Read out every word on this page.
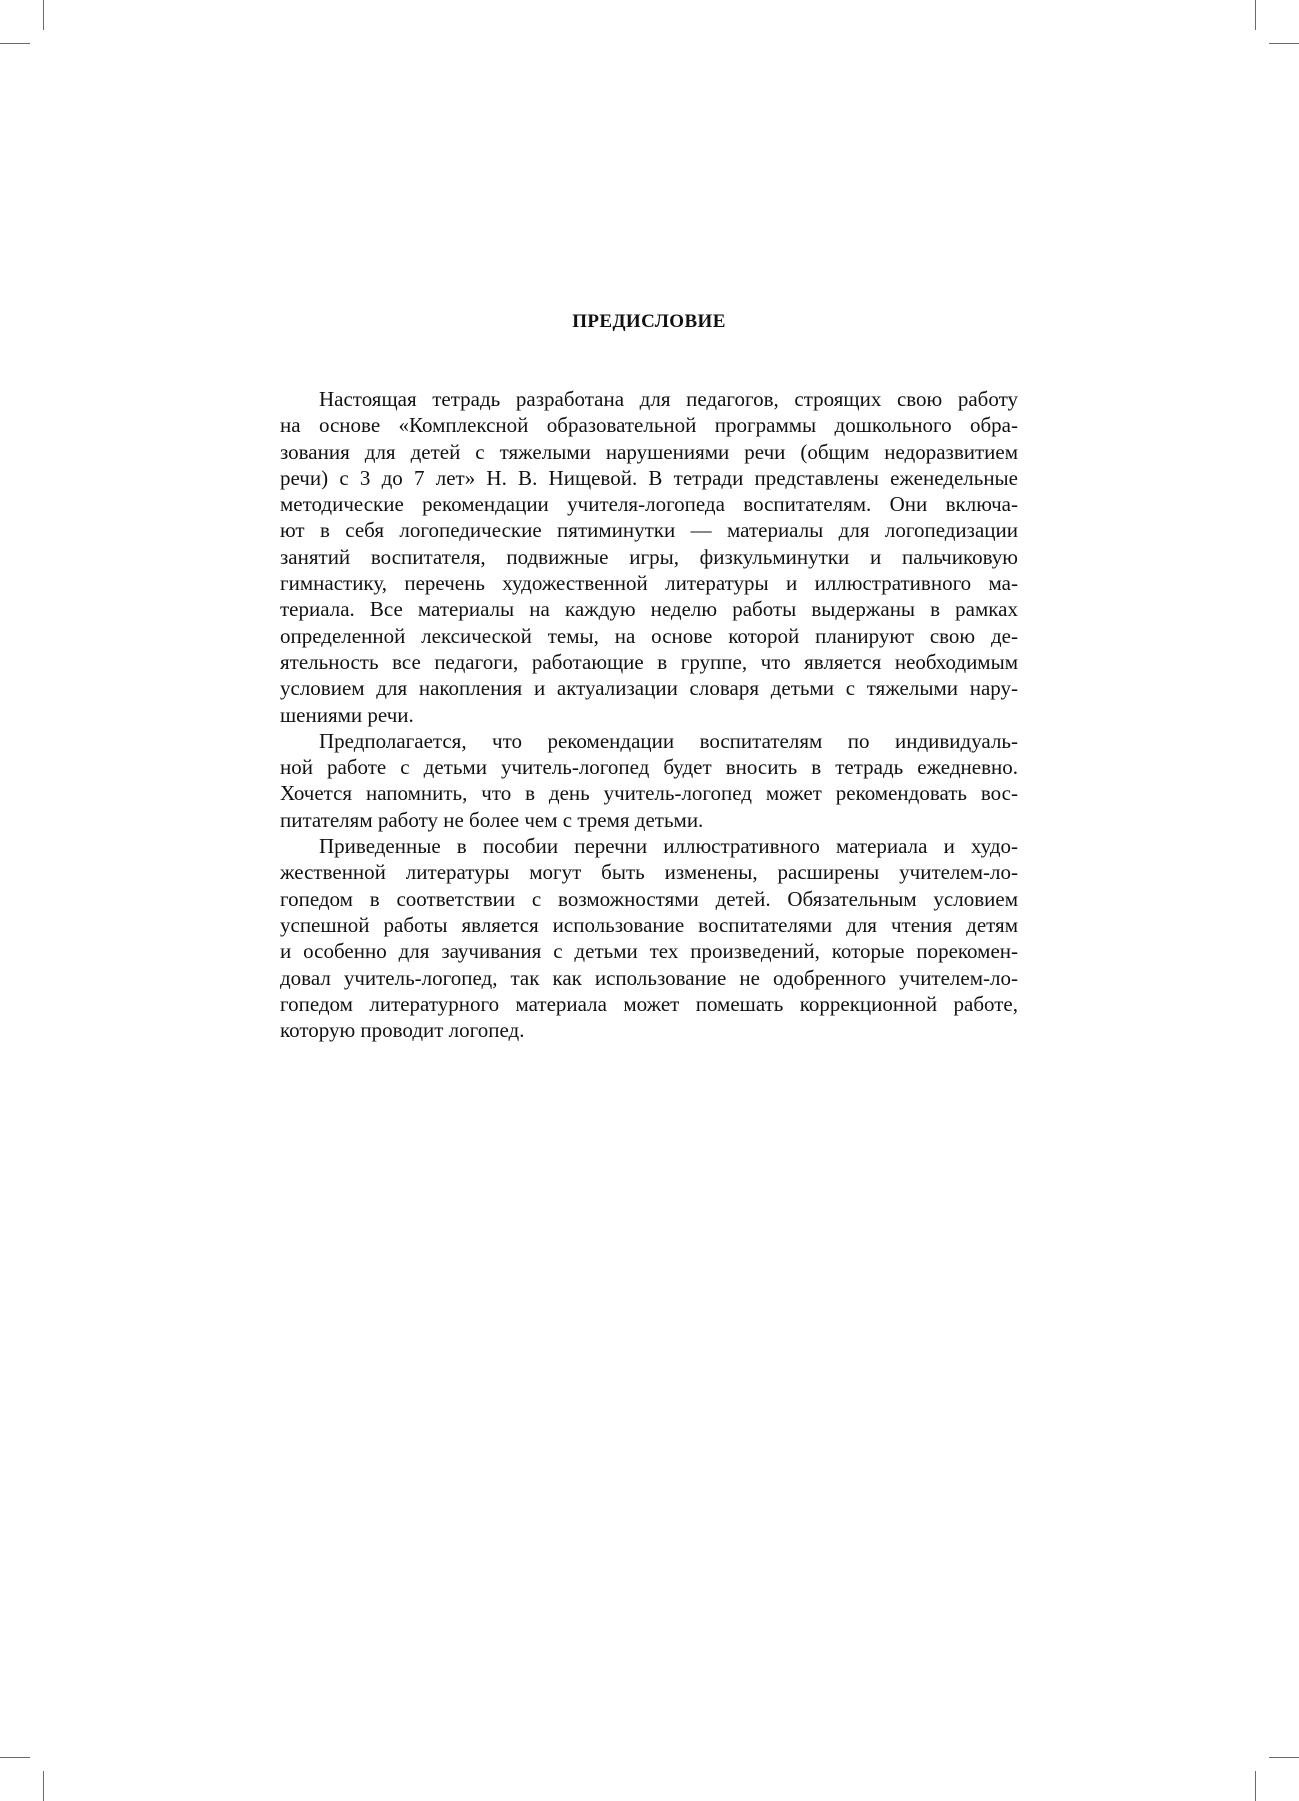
ПРЕДИСЛОВИЕ

Настоящая тетрадь разработана для педагогов, строящих свою работу
на основе «Комплексной образовательной программы дошкольного обра-
зования для детей с тяжелыми нарушениями речи (общим недоразвитием
речи) с 3 до 7 лет» Н. В. Нищевой. В тетради представлены еженедельные
методические рекомендации учителя-логопеда воспитателям. Они включа-
ют в себя логопедические пятиминутки — материалы для логопедизации
занятий воспитателя, подвижные игры, физкульминутки и пальчиковую
гимнастику, перечень художественной литературы и иллюстративного ма-
териала. Все материалы на каждую неделю работы выдержаны в рамках
определенной лексической темы, на основе которой планируют свою де-
ятельность все педагоги, работающие в группе, что является необходимым
условием для накопления и актуализации словаря детьми с тяжелыми нару-
шениями речи.

Предполагается, что рекомендации воспитателям по индивидуаль-
ной работе с детьми учитель-логопед будет вносить в тетрадь ежедневно.
Хочется напомнить, что в день учитель-логопед может рекомендовать вос-
питателям работу не более чем с тремя детьми.

Приведенные в пособии перечни иллюстративного материала и худо-
жественной литературы могут быть изменены, расширены учителем-ло-
гопедом в соответствии с возможностями детей. Обязательным условием
успешной работы является использование воспитателями для чтения детям
и особенно для заучивания с детьми тех произведений, которые порекомен-
довал учитель-логопед, так как использование не одобренного учителем-ло-
гопедом литературного материала может помешать коррекционной работе,
которую проводит логопед.
